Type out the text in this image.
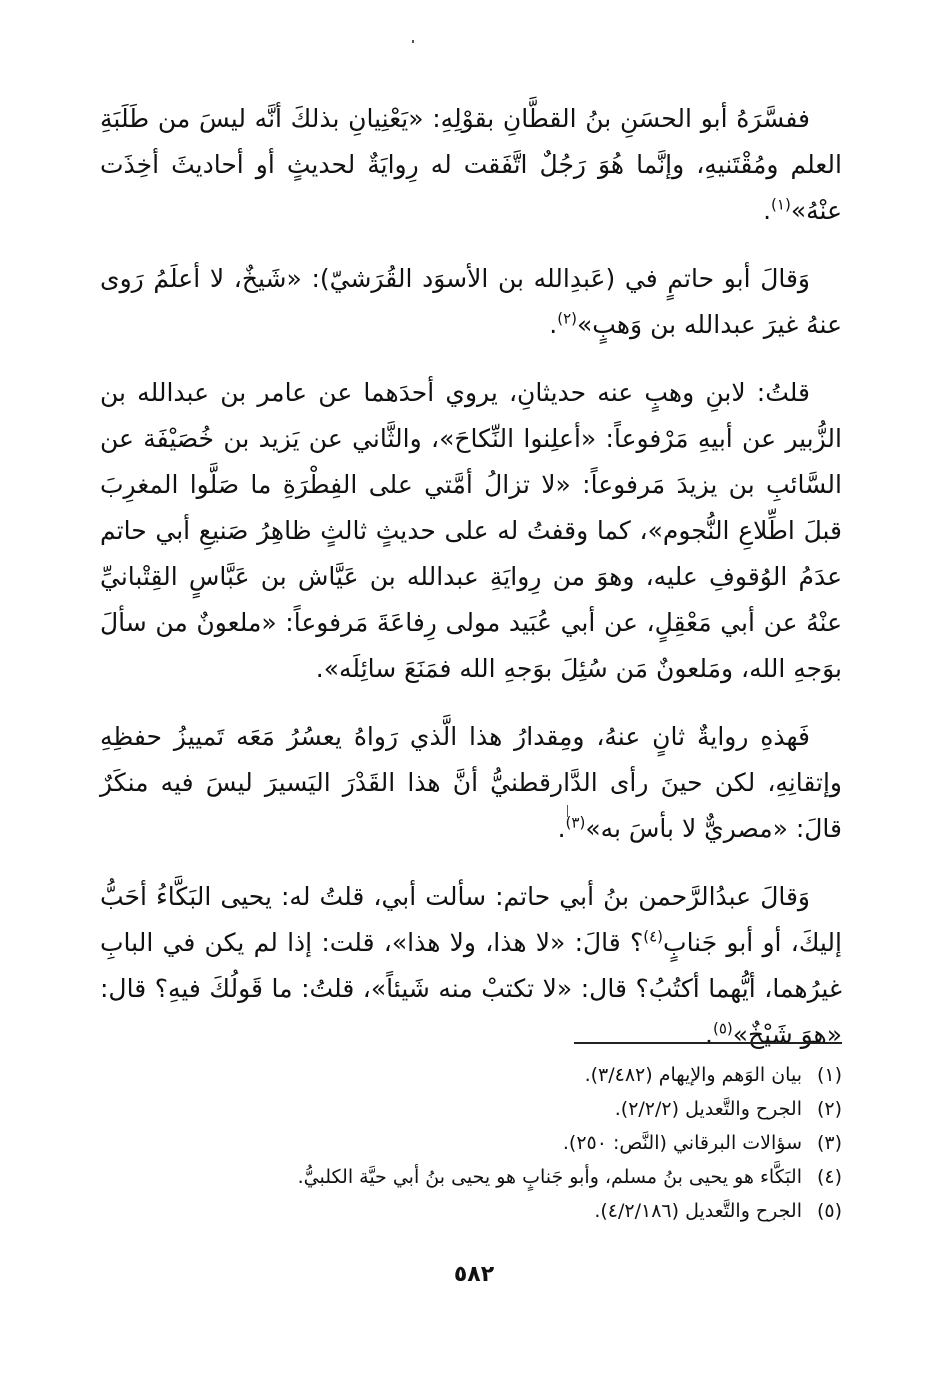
ففسَّرَهُ أبو الحسَنِ بنُ القطَّانِ بقوْلِهِ: «يَعْنِيانِ بذلكَ أنَّه ليسَ من طَلَبَةِ العلم ومُقْتَنيهِ، وإنَّما هُوَ رَجُلٌ اتَّفَقت له رِوايَةٌ لحديثٍ أو أحاديثَ أخِذَت عنْهُ»$^{(١)}$.

وَقالَ أبو حاتمٍ في (عَبدِالله بن الأسوَد القُرَشيّ): «شَيخٌ، لا أعلَمُ رَوى عنهُ غيرَ عبدالله بن وَهبٍ»$^{(٢)}$.

قلتُ: لابنِ وهبٍ عنه حديثانِ، يروي أحدَهما عن عامر بن عبدالله بن الزُّبير عن أبيهِ مَرْفوعاً: «أعلِنوا النِّكاحَ»، والثَّاني عن يَزيد بن خُصَيْفَة عن السَّائبِ بن يزيدَ مَرفوعاً: «لا تزالُ أمَّتي على الفِطْرَةِ ما صَلَّوا المغرِبَ قبلَ اطِّلاعِ النُّجوم»، كما وقفتُ له على حديثٍ ثالثٍ ظاهِرُ صَنيعِ أبي حاتم عدَمُ الوُقوفِ عليه، وهوَ من رِوايَةِ عبدالله بن عَيَّاش بن عَبَّاسٍ القِتْبانيِّ عنْهُ عن أبي مَعْقِلٍ، عن أبي عُبَيد مولى رِفاعَةَ مَرفوعاً: «ملعونٌ من سألَ بوَجهِ الله، ومَلعونٌ مَن سُئِلَ بوَجهِ الله فمَنَعَ سائِلَه».

فَهذهِ روايةٌ ثانٍ عنهُ، ومِقدارُ هذا الَّذي رَواهُ يعسُرُ مَعَه تَمييزُ حفظِهِ وإتقانِهِ، لكن حينَ رأى الدَّارقطنيُّ أنَّ هذا القَدْرَ اليَسيرَ ليسَ فيه منكَرٌ قالَ: «مصريٌّ لا بأسَ به»$^{(٣)}$.

وَقالَ عبدُالرَّحمن بنُ أبي حاتم: سألت أبي، قلتُ له: يحيى البَكَّاءُ أحَبُّ إليكَ، أو أبو جَنابٍ$^{(٤)}$؟ قالَ: «لا هذا، ولا هذا»، قلت: إذا لم يكن في البابِ غيرُهما، أيُّهما أكتُبُ؟ قال: «لا تكتبْ منه شَيئاً»، قلتُ: ما قَولُكَ فيهِ؟ قال: «هوَ شَيْخٌ»$^{(٥)}$.

(١)بيان الوَهم والإيهام (٣/٤٨٢).
(٢)الجرح والتَّعديل (٢/٢/٢).
(٣)سؤالات البرقاني (النَّص: ٢٥٠).
(٤)البَكَّاء هو يحيى بنُ مسلم، وأبو جَنابٍ هو يحيى بنُ أبي حيَّة الكلبيُّ.
(٥)الجرح والتَّعديل (٤/٢/١٨٦).
٥٨٢
